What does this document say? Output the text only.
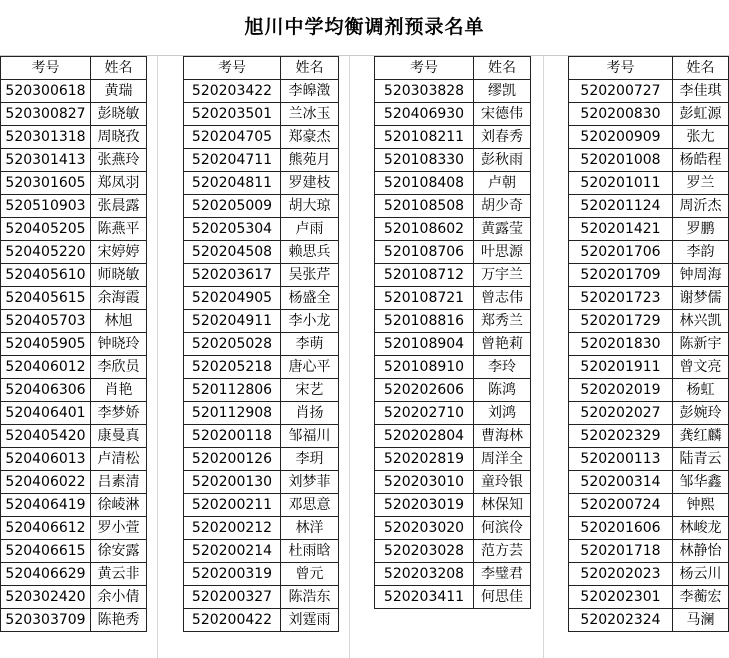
旭川中学均衡调剂预录名单
考号	姓名
520300618	黄瑞
520300827	彭晓敏
520301318	周晓孜
520301413	张燕玲
520301605	郑凤羽
520510903	张晨露
520405205	陈燕平
520405220	宋婷婷
520405610	师晓敏
520405615	余海霞
520405703	林旭
520405905	钟晓玲
520406012	李欣员
520406306	肖艳
520406401	李梦娇
520405420	康曼真
520406013	卢清松
520406022	吕素清
520406419	徐崚淋
520406612	罗小萱
520406615	徐安露
520406629	黄云非
520302420	余小倩
520303709	陈艳秀
考号	姓名
520203422	李皞澂
520203501	兰冰玉
520204705	郑豪杰
520204711	熊苑月
520204811	罗建枝
520205009	胡大琼
520205304	卢雨
520204508	赖思兵
520203617	吴张芹
520204905	杨盛全
520204911	李小龙
520205028	李萌
520205218	唐心平
520112806	宋艺
520112908	肖扬
520200118	邹福川
520200126	李玥
520200130	刘梦菲
520200211	邓思意
520200212	林洋
520200214	杜雨晗
520200319	曾元
520200327	陈浩东
520200422	刘霆雨
考号	姓名
520303828	缪凯
520406930	宋德伟
520108211	刘春秀
520108330	彭秋雨
520108408	卢朝
520108508	胡少奇
520108602	黄露莹
520108706	叶思源
520108712	万宇兰
520108721	曾志伟
520108816	郑秀兰
520108904	曾艳莉
520108910	李玲
520202606	陈鸿
520202710	刘鸿
520202804	曹海林
520202819	周洋全
520203010	童玲银
520203019	林保知
520203020	何滨伶
520203028	范方芸
520203208	李璧君
520203411	何思佳
考号	姓名
520200727	李佳琪
520200830	彭虹源
520200909	张尢
520201008	杨皓程
520201011	罗兰
520201124	周沂杰
520201421	罗鹏
520201706	李韵
520201709	钟周海
520201723	谢梦儒
520201729	林兴凯
520201830	陈新宇
520201911	曾文亮
520202019	杨虹
520202027	彭婉玲
520202329	龚红麟
520200113	陆青云
520200314	邹华鑫
520200724	钟熙
520201606	林峻龙
520201718	林静怡
520202023	杨云川
520202301	李蘅宏
520202324	马澜
